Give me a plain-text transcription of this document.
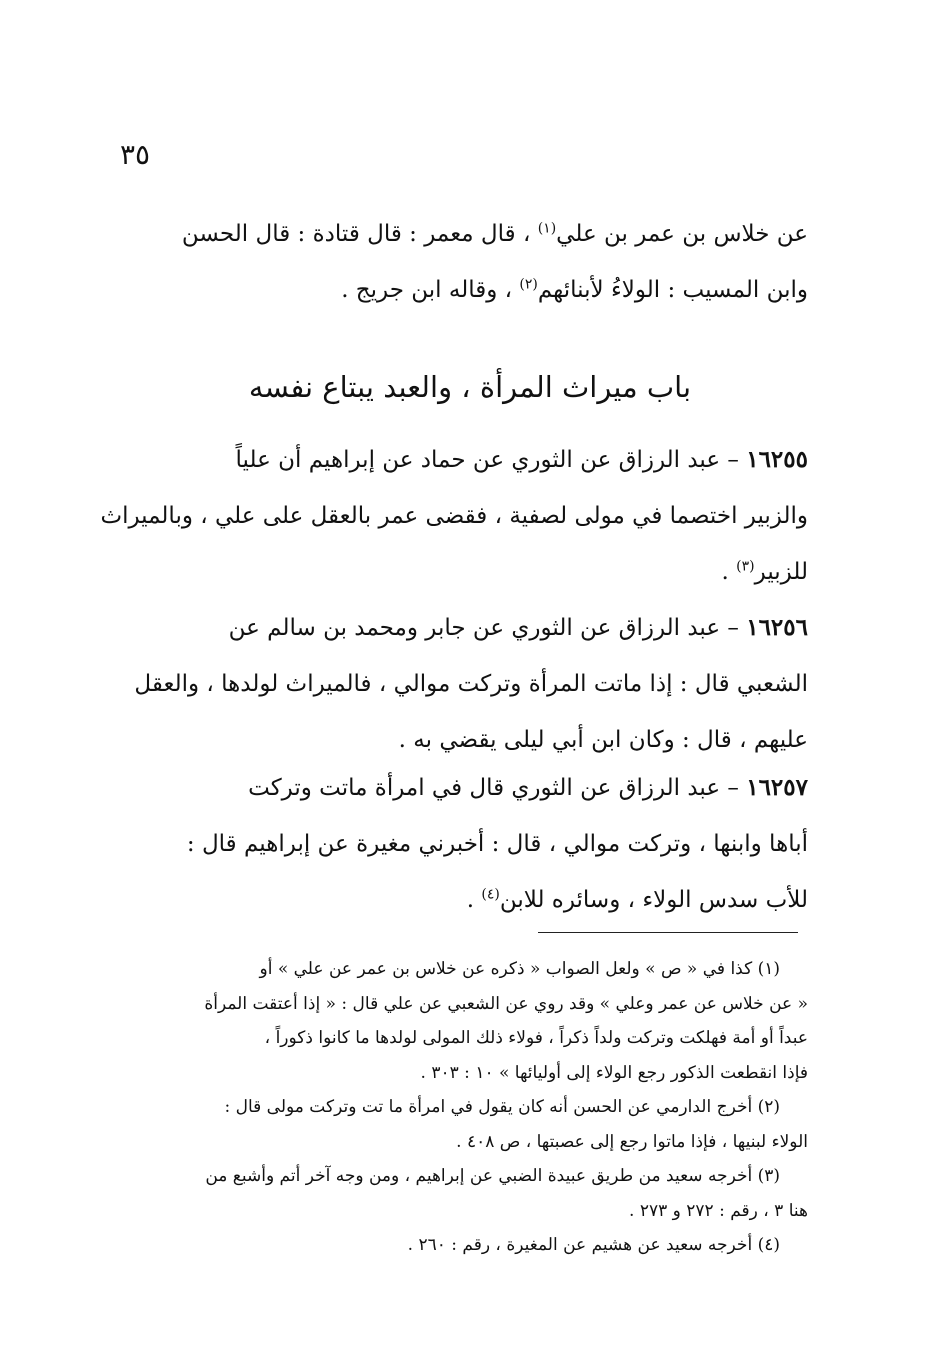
٣٥
عن خلاس بن عمر بن علي$^{(١)}$ ، قال معمر : قال قتادة : قال الحسن
وابن المسيب : الولاءُ لأبنائهم$^{(٢)}$ ، وقاله ابن جريج .
باب ميراث المرأة ، والعبد يبتاع نفسه
١٦٢٥٥ – عبد الرزاق عن الثوري عن حماد عن إبراهيم أن علياً
والزبير اختصما في مولى لصفية ، فقضى عمر بالعقل على علي ، وبالميراث
للزبير$^{(٣)}$ .
١٦٢٥٦ – عبد الرزاق عن الثوري عن جابر ومحمد بن سالم عن
الشعبي قال : إذا ماتت المرأة وتركت موالي ، فالميراث لولدها ، والعقل
عليهم ، قال : وكان ابن أبي ليلى يقضي به .
١٦٢٥٧ – عبد الرزاق عن الثوري قال في امرأة ماتت وتركت
أباها وابنها ، وتركت موالي ، قال : أخبرني مغيرة عن إبراهيم قال :
للأب سدس الولاء ، وسائره للابن$^{(٤)}$ .
(١) كذا في « ص » ولعل الصواب « ذكره عن خلاس بن عمر عن علي » أو
« عن خلاس عن عمر وعلي » وقد روي عن الشعبي عن علي قال : « إذا أعتقت المرأة
عبداً أو أمة فهلكت وتركت ولداً ذكراً ، فولاء ذلك المولى لولدها ما كانوا ذكوراً ،
فإذا انقطعت الذكور رجع الولاء إلى أوليائها » ١٠ : ٣٠٣ .
(٢) أخرج الدارمي عن الحسن أنه كان يقول في امرأة ما تت وتركت مولى قال :
الولاء لبنيها ، فإذا ماتوا رجع إلى عصبتها ، ص ٤٠٨ .
(٣) أخرجه سعيد من طريق عبيدة الضبي عن إبراهيم ، ومن وجه آخر أتم وأشبع من
هنا ٣ ، رقم : ٢٧٢ و ٢٧٣ .
(٤) أخرجه سعيد عن هشيم عن المغيرة ، رقم : ٢٦٠ .
